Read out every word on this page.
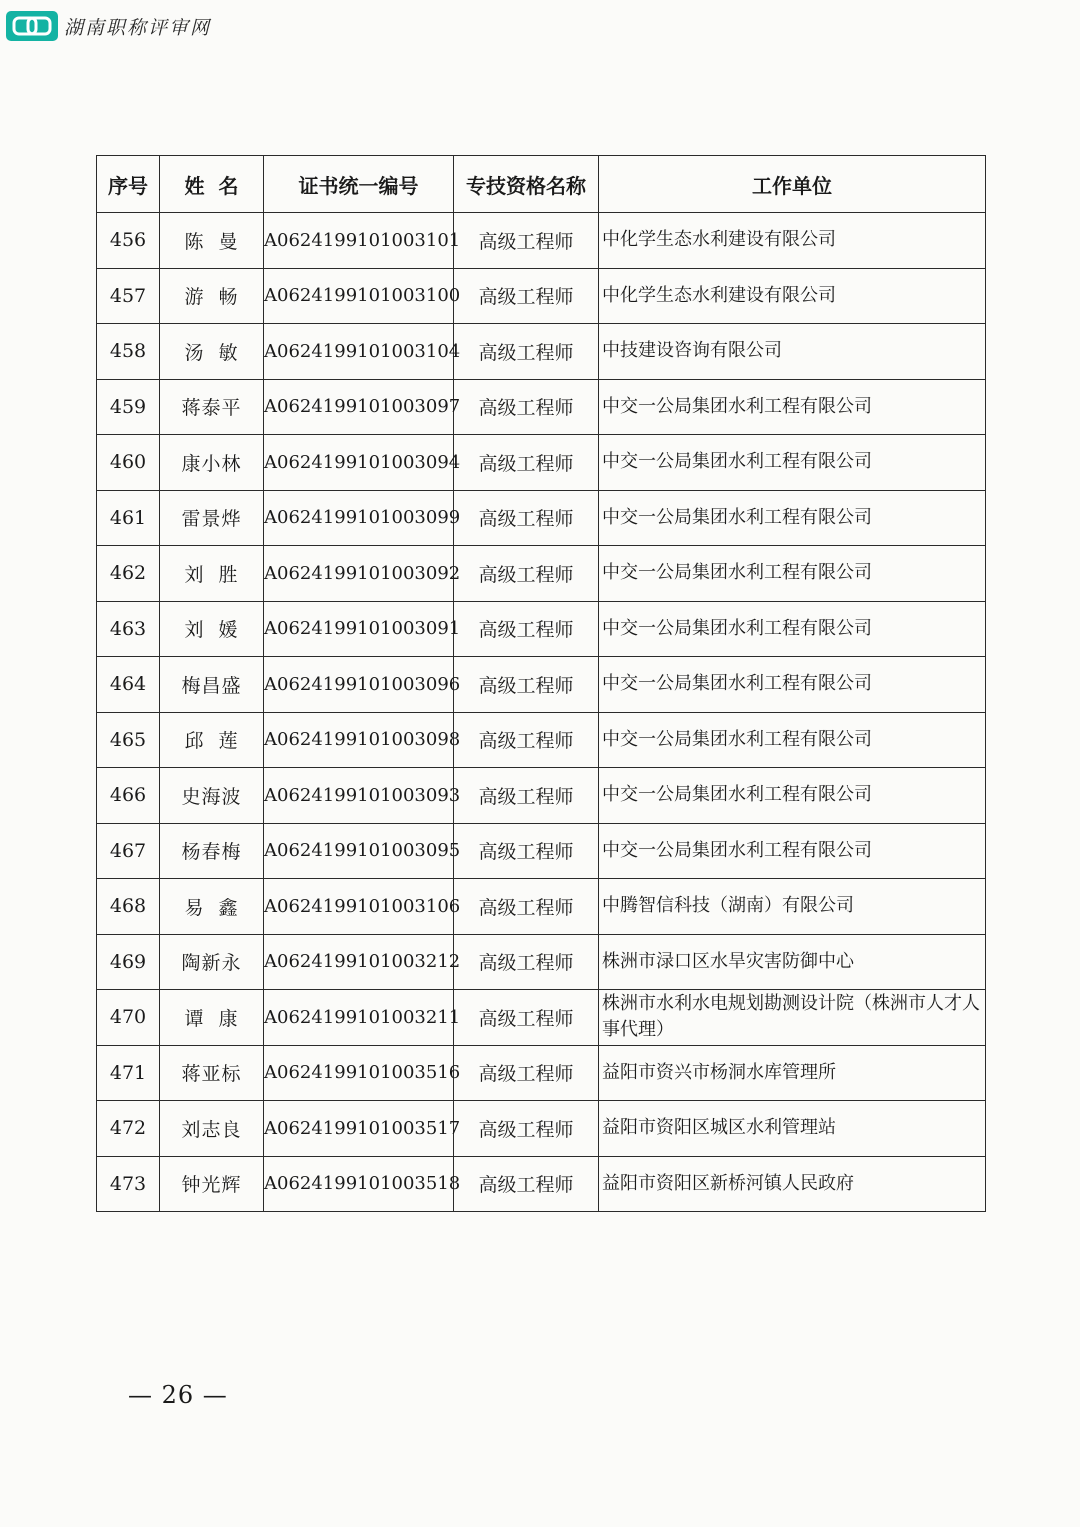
湖南职称评审网
序号	姓  名	证书统一编号	专技资格名称	工作单位
456	陈  曼	A0624199101003101	高级工程师	中化学生态水利建设有限公司
457	游  畅	A0624199101003100	高级工程师	中化学生态水利建设有限公司
458	汤  敏	A0624199101003104	高级工程师	中技建设咨询有限公司
459	蒋泰平	A0624199101003097	高级工程师	中交一公局集团水利工程有限公司
460	康小林	A0624199101003094	高级工程师	中交一公局集团水利工程有限公司
461	雷景烨	A0624199101003099	高级工程师	中交一公局集团水利工程有限公司
462	刘  胜	A0624199101003092	高级工程师	中交一公局集团水利工程有限公司
463	刘  媛	A0624199101003091	高级工程师	中交一公局集团水利工程有限公司
464	梅昌盛	A0624199101003096	高级工程师	中交一公局集团水利工程有限公司
465	邱  莲	A0624199101003098	高级工程师	中交一公局集团水利工程有限公司
466	史海波	A0624199101003093	高级工程师	中交一公局集团水利工程有限公司
467	杨春梅	A0624199101003095	高级工程师	中交一公局集团水利工程有限公司
468	易  鑫	A0624199101003106	高级工程师	中腾智信科技（湖南）有限公司
469	陶新永	A0624199101003212	高级工程师	株洲市渌口区水旱灾害防御中心
470	谭  康	A0624199101003211	高级工程师	株洲市水利水电规划勘测设计院（株洲市人才人事代理）
471	蒋亚标	A0624199101003516	高级工程师	益阳市资兴市杨洞水库管理所
472	刘志良	A0624199101003517	高级工程师	益阳市资阳区城区水利管理站
473	钟光辉	A0624199101003518	高级工程师	益阳市资阳区新桥河镇人民政府
— 26 —
